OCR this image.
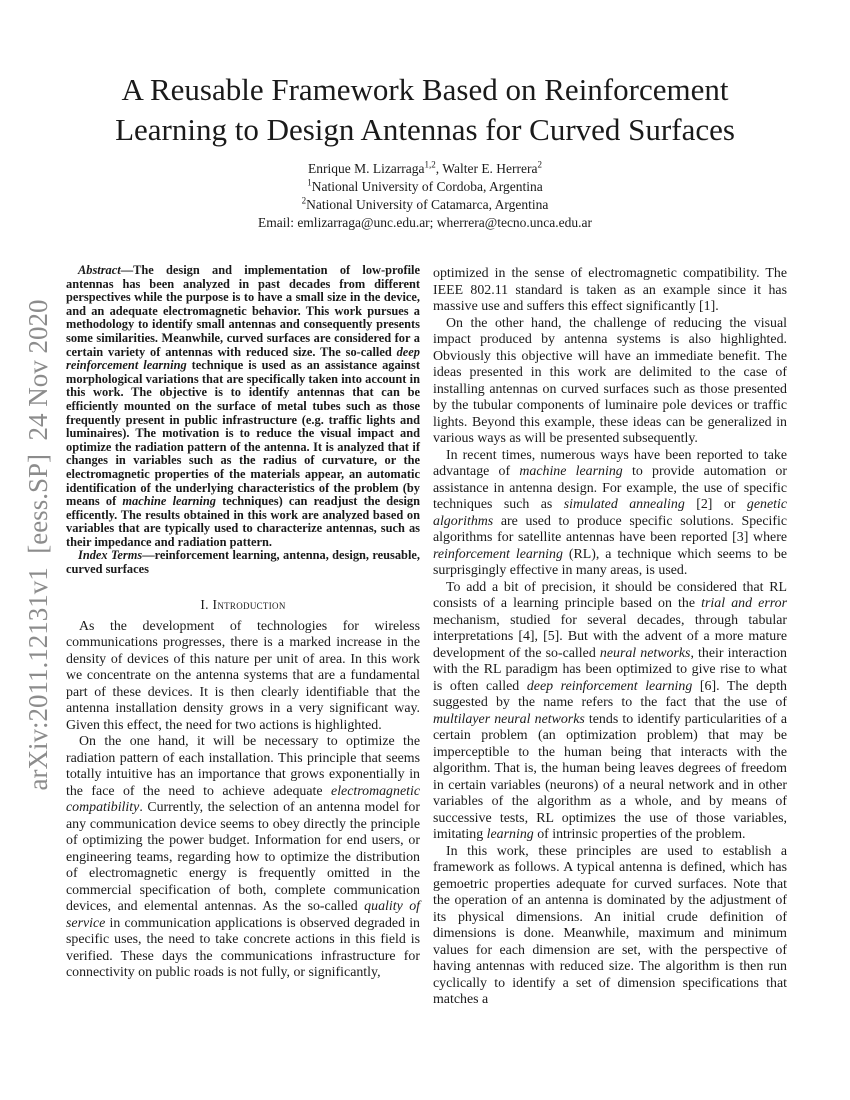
arXiv:2011.12131v1  [eess.SP]  24 Nov 2020
A Reusable Framework Based on Reinforcement
Learning to Design Antennas for Curved Surfaces
Enrique M. Lizarraga$^{1,2}$, Walter E. Herrera$^2$
$^1$National University of Cordoba, Argentina
$^2$National University of Catamarca, Argentina
Email: emlizarraga@unc.edu.ar; wherrera@tecno.unca.edu.ar

Abstract—The design and implementation of low-profile antennas has been analyzed in past decades from different perspectives while the purpose is to have a small size in the device, and an adequate electromagnetic behavior. This work pursues a methodology to identify small antennas and consequently presents some similarities. Meanwhile, curved surfaces are considered for a certain variety of antennas with reduced size. The so-called deep reinforcement learning technique is used as an assistance against morphological variations that are specifically taken into account in this work. The objective is to identify antennas that can be efficiently mounted on the surface of metal tubes such as those frequently present in public infrastructure (e.g. traffic lights and luminaires). The motivation is to reduce the visual impact and optimize the radiation pattern of the antenna. It is analyzed that if changes in variables such as the radius of curvature, or the electromagnetic properties of the materials appear, an automatic identification of the underlying characteristics of the problem (by means of machine learning techniques) can readjust the design efficently. The results obtained in this work are analyzed based on variables that are typically used to characterize antennas, such as their impedance and radiation pattern.

Index Terms—reinforcement learning, antenna, design, reusable, curved surfaces

I. Introduction

As the development of technologies for wireless communications progresses, there is a marked increase in the density of devices of this nature per unit of area. In this work we concentrate on the antenna systems that are a fundamental part of these devices. It is then clearly identifiable that the antenna installation density grows in a very significant way. Given this effect, the need for two actions is highlighted.

On the one hand, it will be necessary to optimize the radiation pattern of each installation. This principle that seems totally intuitive has an importance that grows exponentially in the face of the need to achieve adequate electromagnetic compatibility. Currently, the selection of an antenna model for any communication device seems to obey directly the principle of optimizing the power budget. Information for end users, or engineering teams, regarding how to optimize the distribution of electromagnetic energy is frequently omitted in the commercial specification of both, complete communication devices, and elemental antennas. As the so-called quality of service in communication applications is observed degraded in specific uses, the need to take concrete actions in this field is verified. These days the communications infrastructure for connectivity on public roads is not fully, or significantly,

optimized in the sense of electromagnetic compatibility. The IEEE 802.11 standard is taken as an example since it has massive use and suffers this effect significantly [1].

On the other hand, the challenge of reducing the visual impact produced by antenna systems is also highlighted. Obviously this objective will have an immediate benefit. The ideas presented in this work are delimited to the case of installing antennas on curved surfaces such as those presented by the tubular components of luminaire pole devices or traffic lights. Beyond this example, these ideas can be generalized in various ways as will be presented subsequently.

In recent times, numerous ways have been reported to take advantage of machine learning to provide automation or assistance in antenna design. For example, the use of specific techniques such as simulated annealing [2] or genetic algorithms are used to produce specific solutions. Specific algorithms for satellite antennas have been reported [3] where reinforcement learning (RL), a technique which seems to be surprisgingly effective in many areas, is used.

To add a bit of precision, it should be considered that RL consists of a learning principle based on the trial and error mechanism, studied for several decades, through tabular interpretations [4], [5]. But with the advent of a more mature development of the so-called neural networks, their interaction with the RL paradigm has been optimized to give rise to what is often called deep reinforcement learning [6]. The depth suggested by the name refers to the fact that the use of multilayer neural networks tends to identify particularities of a certain problem (an optimization problem) that may be imperceptible to the human being that interacts with the algorithm. That is, the human being leaves degrees of freedom in certain variables (neurons) of a neural network and in other variables of the algorithm as a whole, and by means of successive tests, RL optimizes the use of those variables, imitating learning of intrinsic properties of the problem.

In this work, these principles are used to establish a framework as follows. A typical antenna is defined, which has gemoetric properties adequate for curved surfaces. Note that the operation of an antenna is dominated by the adjustment of its physical dimensions. An initial crude definition of dimensions is done. Meanwhile, maximum and minimum values for each dimension are set, with the perspective of having antennas with reduced size. The algorithm is then run cyclically to identify a set of dimension specifications that matches a
